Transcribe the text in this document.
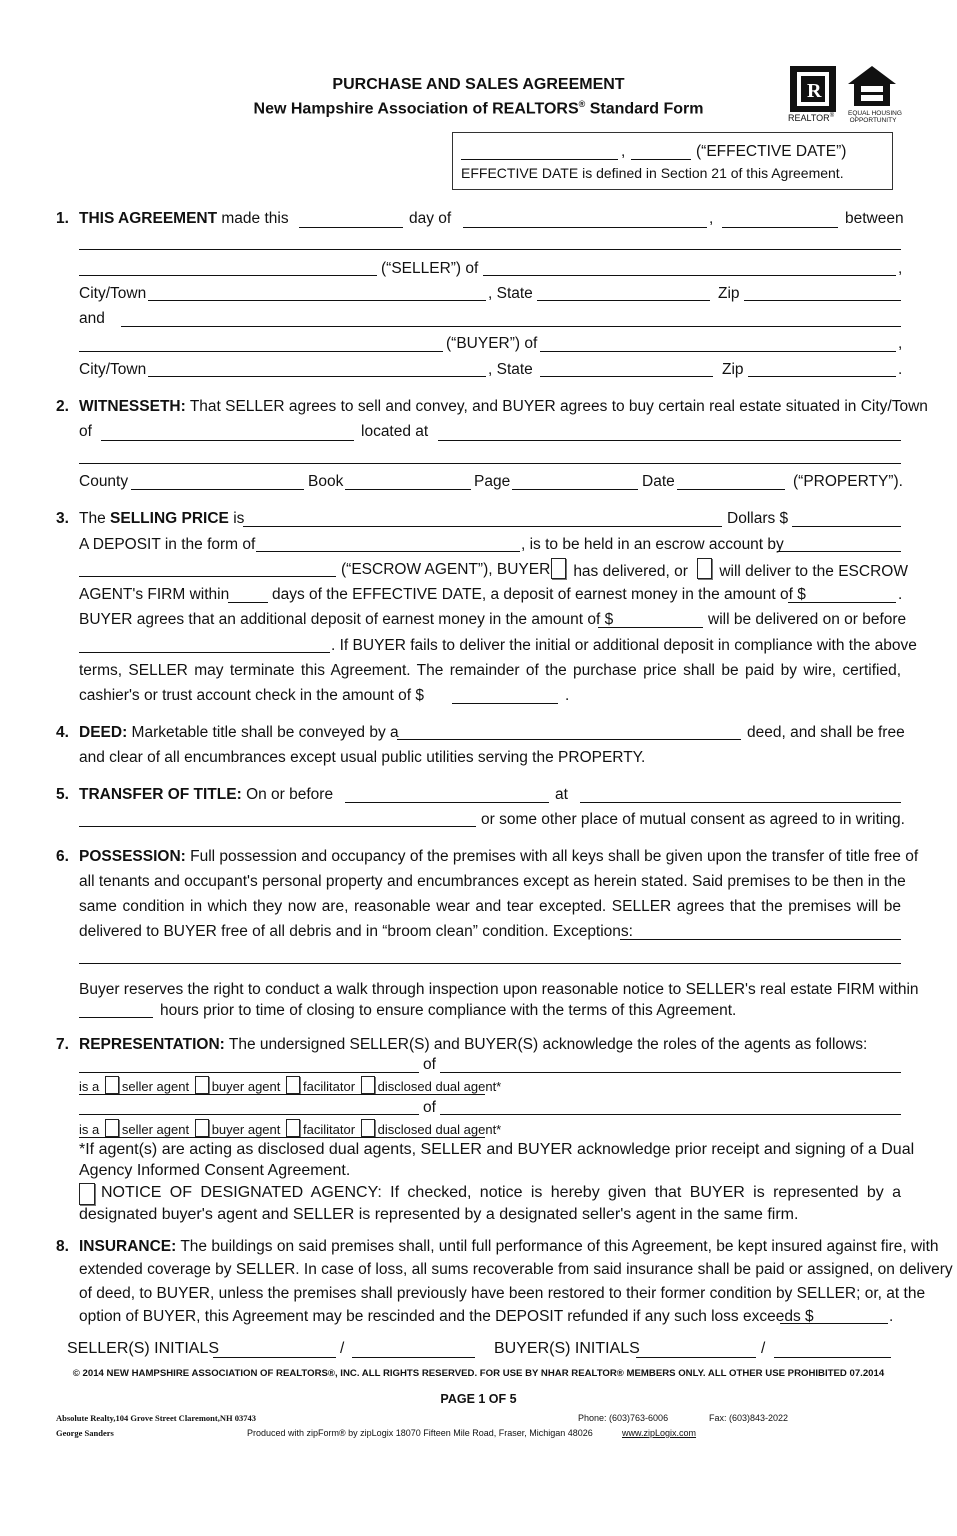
PURCHASE AND SALES AGREEMENT
New Hampshire Association of REALTORS® Standard Form
R
REALTOR® EQUAL HOUSING
OPPORTUNITY
,	(“EFFECTIVE DATE”)
EFFECTIVE DATE is defined in Section 21 of this Agreement.
1. THIS AGREEMENT made this	day of	,	between
(“SELLER”) of	,
City/Town	, State	Zip
and
(“BUYER”) of	,
City/Town	, State	Zip	.
2. WITNESSETH: That SELLER agrees to sell and convey, and BUYER agrees to buy certain real estate situated in City/Town
of	located at
County	Book	Page	Date	(“PROPERTY”).
3. The SELLING PRICE is	Dollars $
A DEPOSIT in the form of	, is to be held in an escrow account by
(“ESCROW AGENT”), BUYER	has delivered, or	will deliver to the ESCROW
AGENT's FIRM within	days of the EFFECTIVE DATE, a deposit of earnest money in the amount of $	.
BUYER agrees that an additional deposit of earnest money in the amount of $	will be delivered on or before
. If BUYER fails to deliver the initial or additional deposit in compliance with the above
terms, SELLER may terminate this Agreement. The remainder of the purchase price shall be paid by wire, certified,
cashier's or trust account check in the amount of $	.
4. DEED: Marketable title shall be conveyed by a	deed, and shall be free
and clear of all encumbrances except usual public utilities serving the PROPERTY.
5. TRANSFER OF TITLE: On or before	at
or some other place of mutual consent as agreed to in writing.
6. POSSESSION: Full possession and occupancy of the premises with all keys shall be given upon the transfer of title free of
all tenants and occupant's personal property and encumbrances except as herein stated. Said premises to be then in the
same condition in which they now are, reasonable wear and tear excepted. SELLER agrees that the premises will be
delivered to BUYER free of all debris and in “broom clean” condition. Exceptions:
Buyer reserves the right to conduct a walk through inspection upon reasonable notice to SELLER's real estate FIRM within
hours prior to time of closing to ensure compliance with the terms of this Agreement.
7. REPRESENTATION: The undersigned SELLER(S) and BUYER(S) acknowledge the roles of the agents as follows:
of
is a seller agent buyer agent facilitator disclosed dual agent*
of
is a seller agent buyer agent facilitator disclosed dual agent*
*If agent(s) are acting as disclosed dual agents, SELLER and BUYER acknowledge prior receipt and signing of a Dual
Agency Informed Consent Agreement.
NOTICE OF DESIGNATED AGENCY: If checked, notice is hereby given that BUYER is represented by a
designated buyer's agent and SELLER is represented by a designated seller's agent in the same firm.
8. INSURANCE: The buildings on said premises shall, until full performance of this Agreement, be kept insured against fire, with
extended coverage by SELLER. In case of loss, all sums recoverable from said insurance shall be paid or assigned, on delivery
of deed, to BUYER, unless the premises shall previously have been restored to their former condition by SELLER; or, at the
option of BUYER, this Agreement may be rescinded and the DEPOSIT refunded if any such loss exceeds $	.
SELLER(S) INITIALS	/	BUYER(S) INITIALS	/
© 2014 NEW HAMPSHIRE ASSOCIATION OF REALTORS®, INC. ALL RIGHTS RESERVED. FOR USE BY NHAR REALTOR® MEMBERS ONLY. ALL OTHER USE PROHIBITED 07.2014
PAGE 1 OF 5
Absolute Realty,104 Grove Street Claremont,NH 03743
George Sanders
Phone: (603)763-6006	Fax: (603)843-2022
Produced with zipForm® by zipLogix 18070 Fifteen Mile Road, Fraser, Michigan 48026	www.zipLogix.com
